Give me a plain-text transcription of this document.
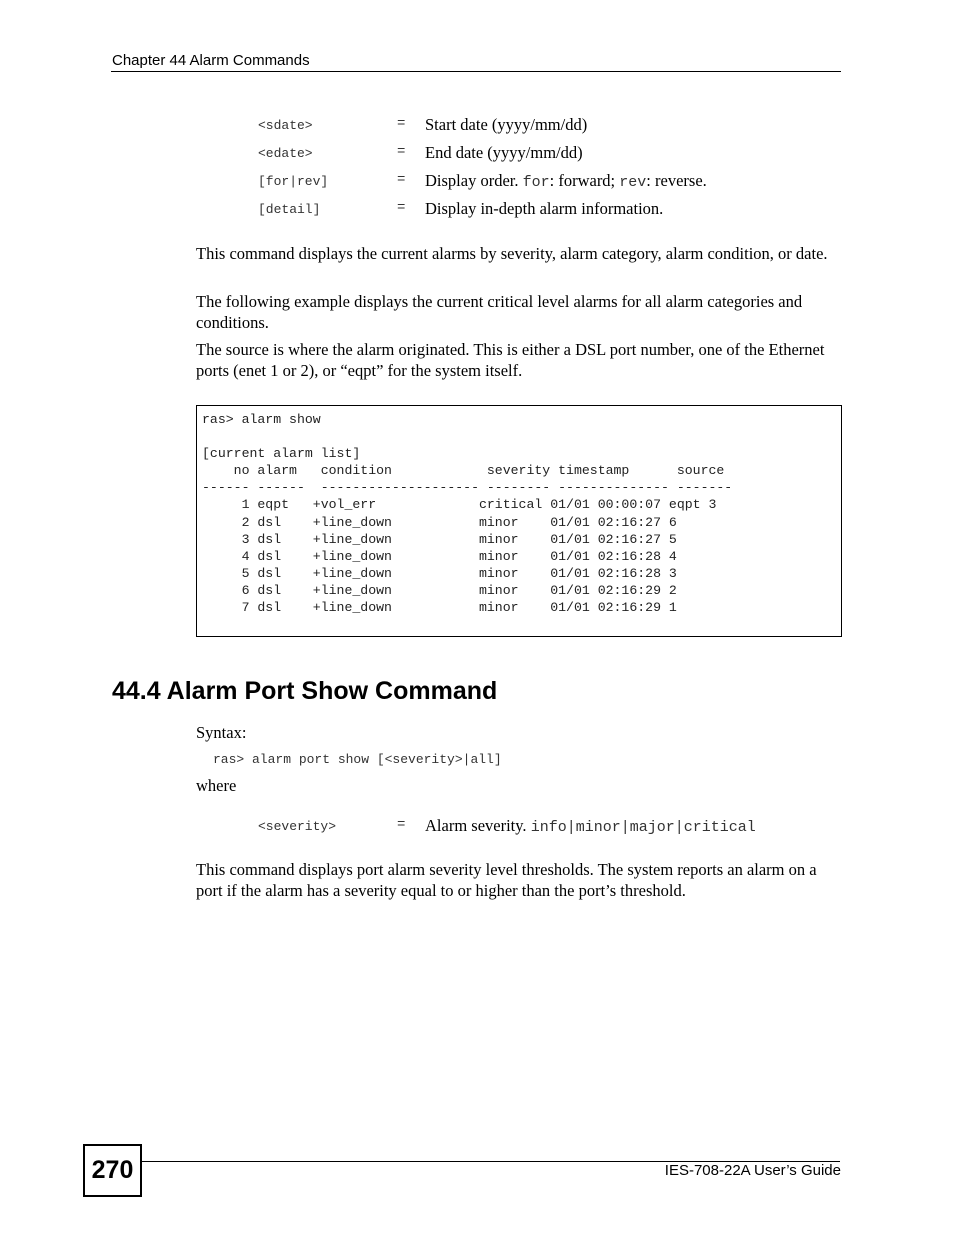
Chapter 44 Alarm Commands
<sdate>	= Start date (yyyy/mm/dd)
<edate>	= End date (yyyy/mm/dd)
[for|rev]	= Display order. for: forward; rev: reverse.
[detail]	= Display in-depth alarm information.

This command displays the current alarms by severity, alarm category, alarm condition, or date.

The following example displays the current critical level alarms for all alarm categories and conditions.

The source is where the alarm originated. This is either a DSL port number, one of the Ethernet ports (enet 1 or 2), or “eqpt” for the system itself.

ras> alarm show

[current alarm list]
no alarm   condition            severity timestamp      source
------ ------  -------------------- -------- -------------- -------
1 eqpt   +vol_err             critical 01/01 00:00:07 eqpt 3
2 dsl    +line_down           minor    01/01 02:16:27 6
3 dsl    +line_down           minor    01/01 02:16:27 5
4 dsl    +line_down           minor    01/01 02:16:28 4
5 dsl    +line_down           minor    01/01 02:16:28 3
6 dsl    +line_down           minor    01/01 02:16:29 2
7 dsl    +line_down           minor    01/01 02:16:29 1
44.4 Alarm Port Show Command
Syntax:
ras> alarm port show [<severity>|all]
where
<severity>	= Alarm severity. info|minor|major|critical

This command displays port alarm severity level thresholds. The system reports an alarm on a port if the alarm has a severity equal to or higher than the port’s threshold.

270	IES-708-22A User’s Guide
